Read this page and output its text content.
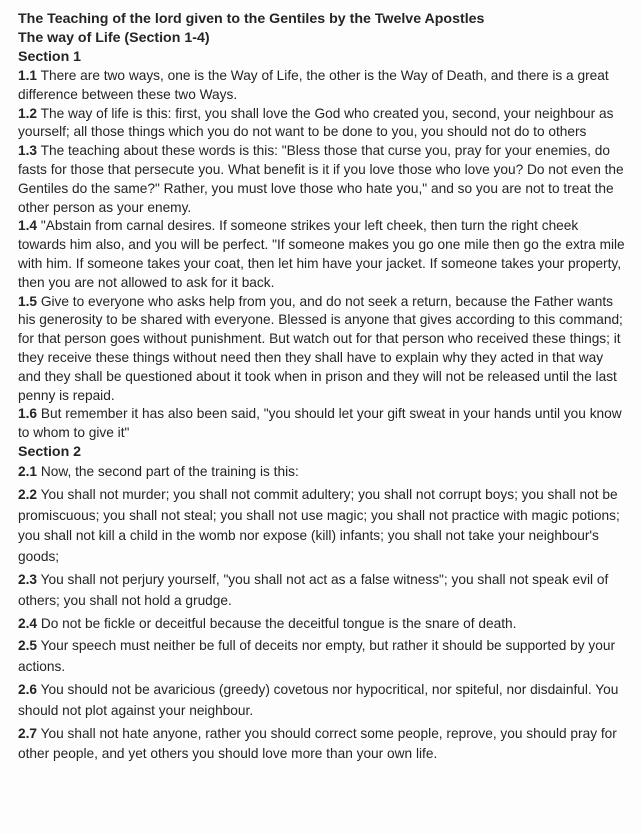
The Teaching of the lord given to the Gentiles by the Twelve Apostles
The way of Life (Section 1-4)
Section 1

1.1 There are two ways, one is the Way of Life, the other is the Way of Death, and there is a great difference between these two Ways.

1.2 The way of life is this: first, you shall love the God who created you, second, your neighbour as yourself; all those things which you do not want to be done to you, you should not do to others

1.3 The teaching about these words is this: "Bless those that curse you, pray for your enemies, do fasts for those that persecute you. What benefit is it if you love those who love you? Do not even the Gentiles do the same?" Rather, you must love those who hate you," and so you are not to treat the other person as your enemy.

1.4 "Abstain from carnal desires. If someone strikes your left cheek, then turn the right cheek towards him also, and you will be perfect. "If someone makes you go one mile then go the extra mile with him. If someone takes your coat, then let him have your jacket. If someone takes your property, then you are not allowed to ask for it back.

1.5 Give to everyone who asks help from you, and do not seek a return, because the Father wants his generosity to be shared with everyone. Blessed is anyone that gives according to this command; for that person goes without punishment. But watch out for that person who received these things; it they receive these things without need then they shall have to explain why they acted in that way and they shall be questioned about it took when in prison and they will not be released until the last penny is repaid.

1.6 But remember it has also been said, "you should let your gift sweat in your hands until you know to whom to give it"

Section 2

2.1 Now, the second part of the training is this:

2.2 You shall not murder; you shall not commit adultery; you shall not corrupt boys; you shall not be promiscuous; you shall not steal; you shall not use magic; you shall not practice with magic potions; you shall not kill a child in the womb nor expose (kill) infants; you shall not take your neighbour's goods;

2.3 You shall not perjury yourself, "you shall not act as a false witness"; you shall not speak evil of others; you shall not hold a grudge.

2.4 Do not be fickle or deceitful because the deceitful tongue is the snare of death.

2.5 Your speech must neither be full of deceits nor empty, but rather it should be supported by your actions.

2.6 You should not be avaricious (greedy) covetous nor hypocritical, nor spiteful, nor disdainful. You should not plot against your neighbour.

2.7 You shall not hate anyone, rather you should correct some people, reprove, you should pray for other people, and yet others you should love more than your own life.
